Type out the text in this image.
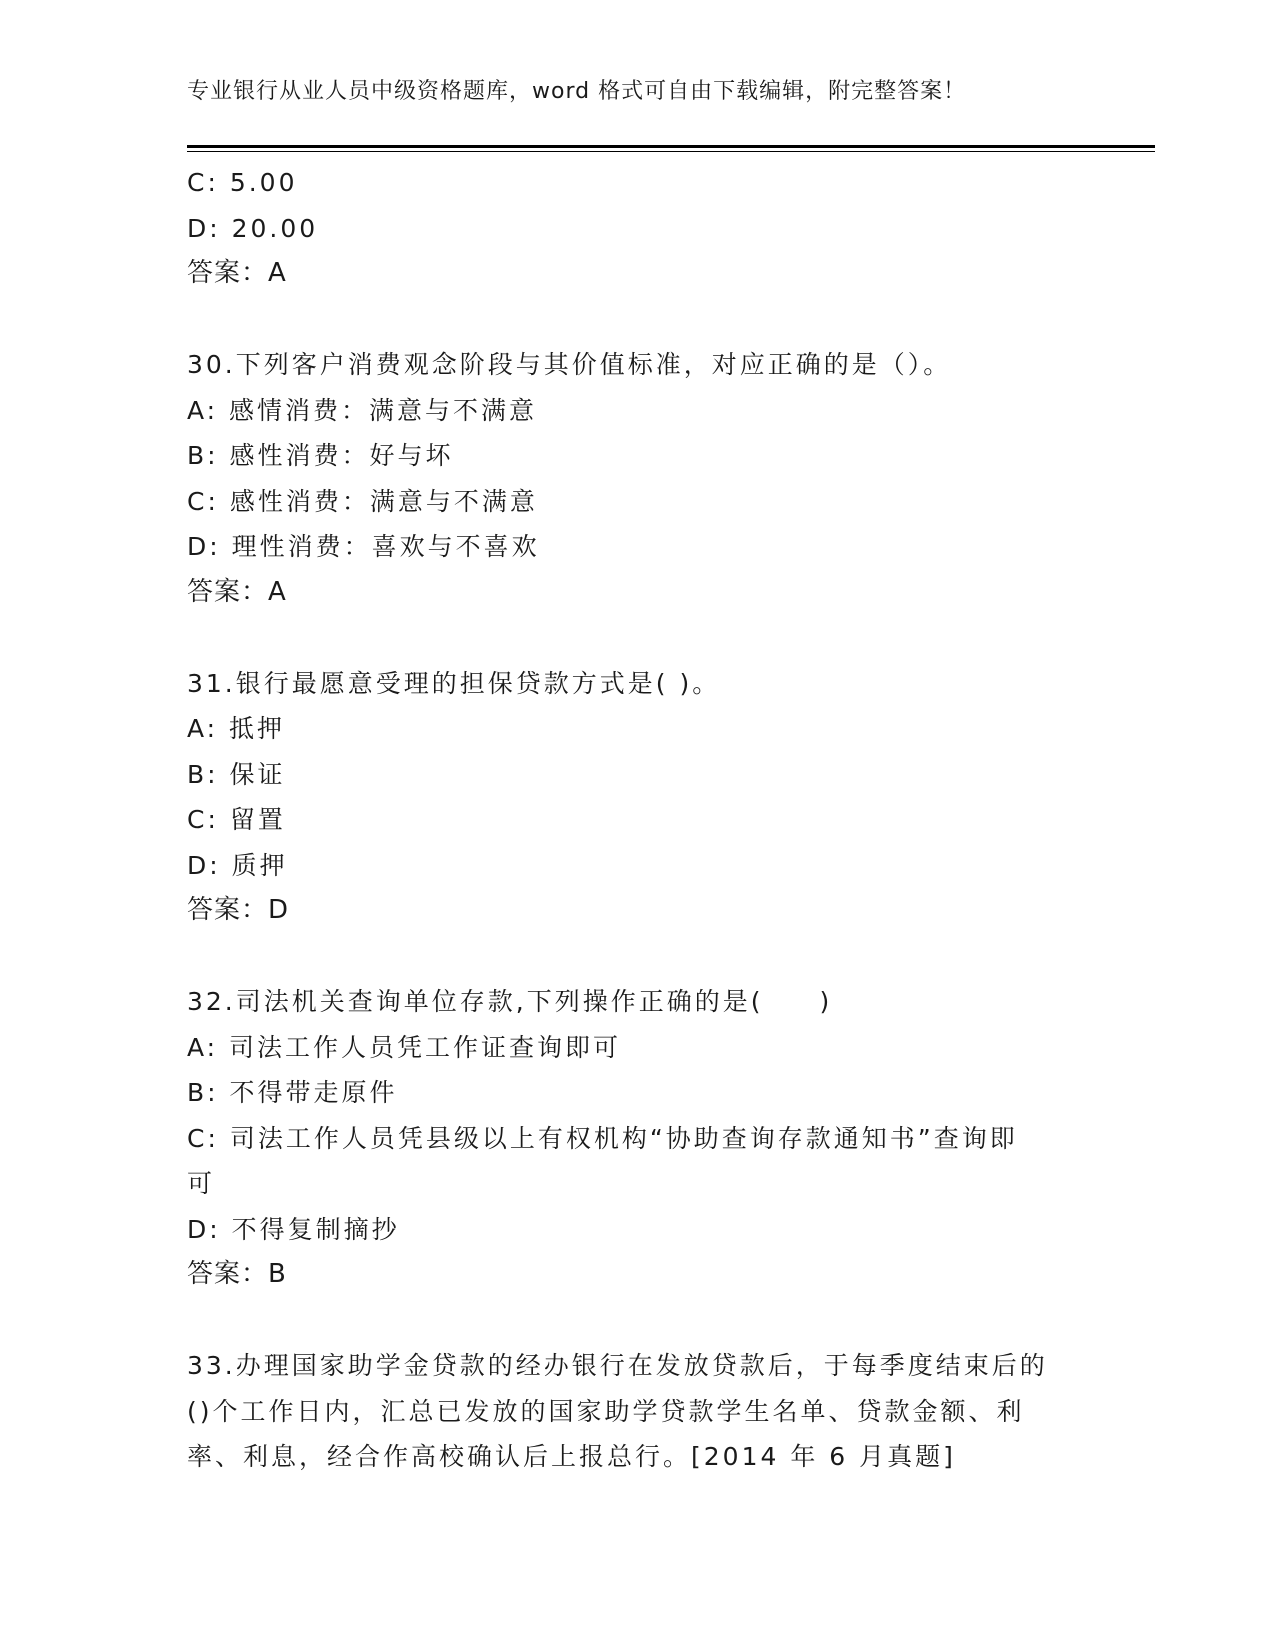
专业银行从业人员中级资格题库，word 格式可自由下载编辑，附完整答案！
C: 5.00
D: 20.00
答案：A
30.下列客户消费观念阶段与其价值标准，对应正确的是（）。
A: 感情消费：满意与不满意
B: 感性消费：好与坏
C: 感性消费：满意与不满意
D: 理性消费：喜欢与不喜欢
答案：A
31.银行最愿意受理的担保贷款方式是( )。
A: 抵押
B: 保证
C: 留置
D: 质押
答案：D
32.司法机关查询单位存款,下列操作正确的是(　　)
A: 司法工作人员凭工作证查询即可
B: 不得带走原件
C: 司法工作人员凭县级以上有权机构“协助查询存款通知书”查询即
可
D: 不得复制摘抄
答案：B
33.办理国家助学金贷款的经办银行在发放贷款后，于每季度结束后的
()个工作日内，汇总已发放的国家助学贷款学生名单、贷款金额、利
率、利息，经合作高校确认后上报总行。[2014 年 6 月真题]
